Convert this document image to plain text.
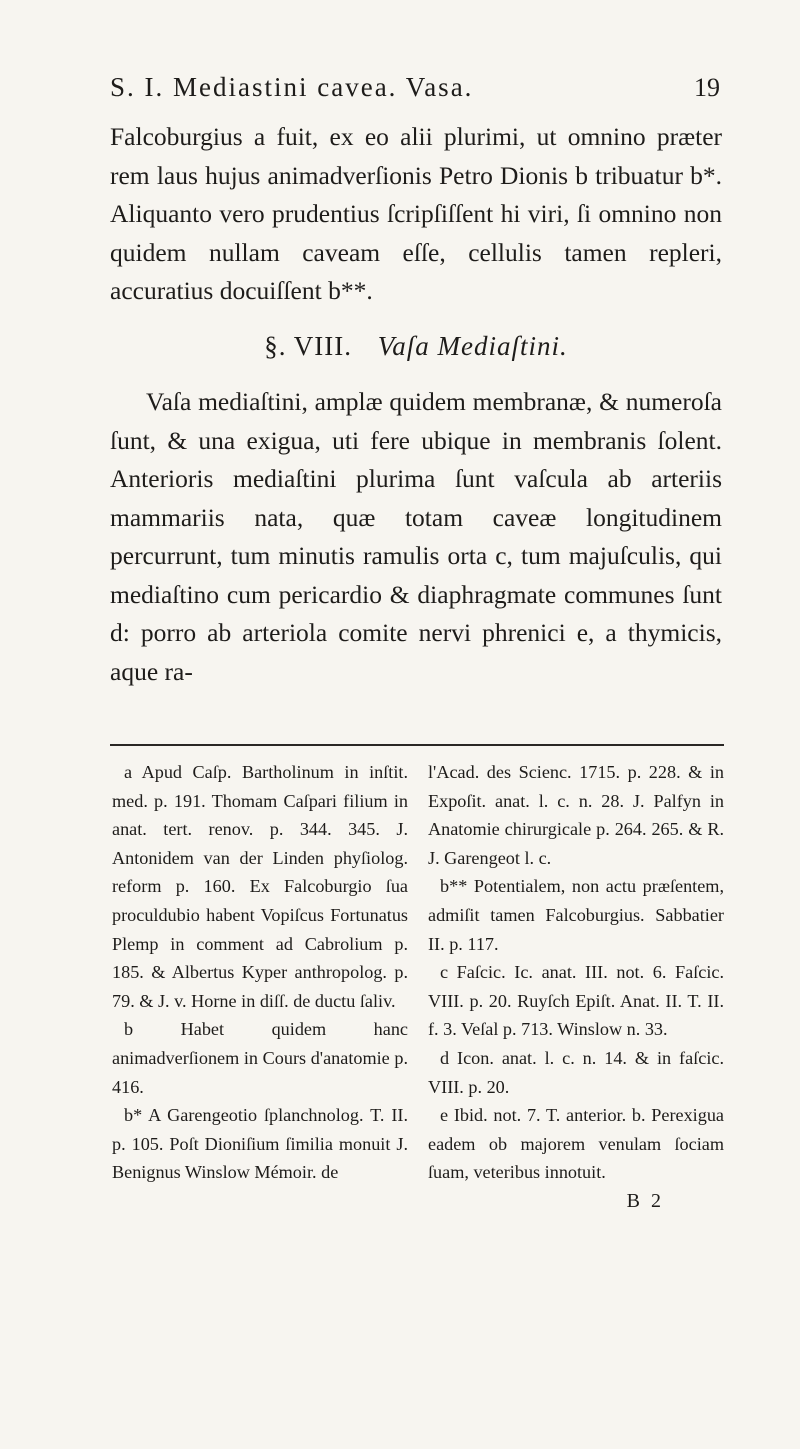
S. I. Mediastini cavea. Vasa.	19

Falcoburgius a fuit, ex eo alii plurimi, ut omnino præter rem laus hujus animadverſionis Petro Dionis b tribuatur b*. Aliquanto vero prudentius ſcripſiſſent hi viri, ſi omnino non quidem nullam caveam eſſe, cellulis tamen repleri, accuratius docuiſſent b**.

§. VIII. Vaſa Mediaſtini.

Vaſa mediaſtini, amplæ quidem membranæ, & numeroſa ſunt, & una exigua, uti fere ubique in membranis ſolent. Anterioris mediaſtini plurima ſunt vaſcula ab arteriis mammariis nata, quæ totam caveæ longitudinem percurrunt, tum minutis ramulis orta c, tum majuſculis, qui mediaſtino cum pericardio & diaphragmate communes ſunt d: porro ab arteriola comite nervi phrenici e, a thymicis, aque ra-

a Apud Caſp. Bartholinum in inſtit. med. p. 191. Thomam Caſpari filium in anat. tert. renov. p. 344. 345. J. Antonidem van der Linden phyſiolog. reform p. 160. Ex Falcoburgio ſua proculdubio habent Vopiſcus Fortunatus Plemp in comment ad Cabrolium p. 185. & Albertus Kyper anthropolog. p. 79. & J. v. Horne in diſſ. de ductu ſaliv.

b Habet quidem hanc animadverſionem in Cours d'anatomie p. 416.

b* A Garengeotio ſplanchnolog. T. II. p. 105. Poſt Dioniſium ſimilia monuit J. Benignus Winslow Mémoir. de

l'Acad. des Scienc. 1715. p. 228. & in Expoſit. anat. l. c. n. 28. J. Palfyn in Anatomie chirurgicale p. 264. 265. & R. J. Garengeot l. c.

b** Potentialem, non actu præſentem, admiſit tamen Falcoburgius. Sabbatier II. p. 117.

c Faſcic. Ic. anat. III. not. 6. Faſcic. VIII. p. 20. Ruyſch Epiſt. Anat. II. T. II. f. 3. Veſal p. 713. Winslow n. 33.

d Icon. anat. l. c. n. 14. & in faſcic. VIII. p. 20.

e Ibid. not. 7. T. anterior. b. Perexigua eadem ob majorem venulam ſociam ſuam, veteribus innotuit.

B 2
